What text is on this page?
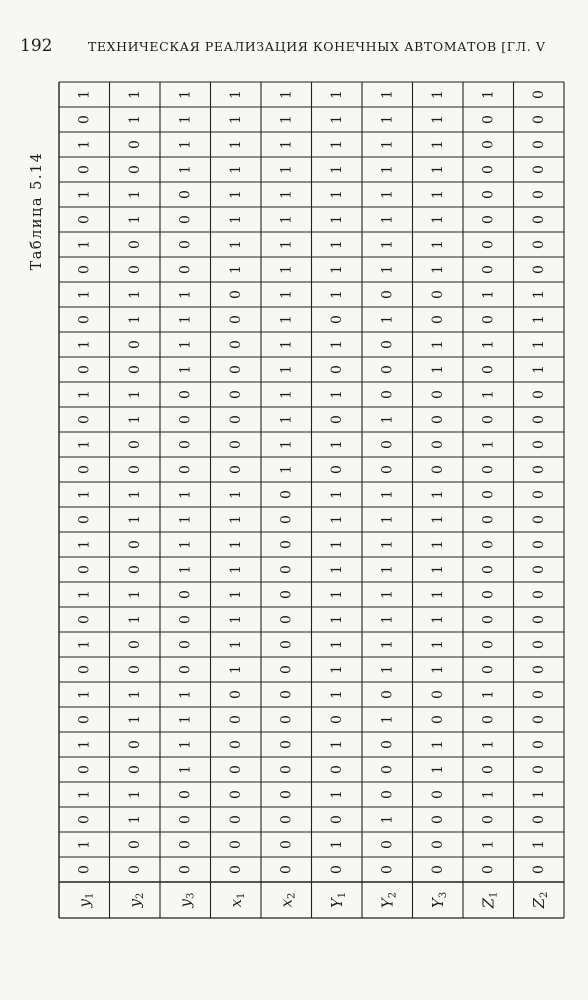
192	ТЕХНИЧЕСКАЯ РЕАЛИЗАЦИЯ КОНЕЧНЫХ АВТОМАТОВ [ГЛ. V
Таблица 5.14
$y_1$
0
1
0
1
0
1
0
1
0
1
0
1
0
1
0
1
0
1
0
1
0
1
0
1
0
1
0
1
0
1
0
1
$y_2$
0
0
1
1
0
0
1
1
0
0
1
1
0
0
1
1
0
0
1
1
0
0
1
1
0
0
1
1
0
0
1
1
$y_3$
0
0
0
0
1
1
1
1
0
0
0
0
1
1
1
1
0
0
0
0
1
1
1
1
0
0
0
0
1
1
1
1
$x_1$
0
0
0
0
0
0
0
0
1
1
1
1
1
1
1
1
0
0
0
0
0
0
0
0
1
1
1
1
1
1
1
1
$x_2$
0
0
0
0
0
0
0
0
0
0
0
0
0
0
0
0
1
1
1
1
1
1
1
1
1
1
1
1
1
1
1
1
$Y_1$
0
1
0
1
0
1
0
1
1
1
1
1
1
1
1
1
0
1
0
1
0
1
0
1
1
1
1
1
1
1
1
1
$Y_2$
0
0
1
0
0
0
1
0
1
1
1
1
1
1
1
1
0
0
1
0
0
0
1
0
1
1
1
1
1
1
1
1
$Y_3$
0
0
0
0
1
1
0
0
1
1
1
1
1
1
1
1
0
0
0
0
1
1
0
0
1
1
1
1
1
1
1
1
$Z_1$
0
1
0
1
0
1
0
1
0
0
0
0
0
0
0
0
0
1
0
1
0
1
0
1
0
0
0
0
0
0
0
1
$Z_2$
0
1
0
1
0
0
0
0
0
0
0
0
0
0
0
0
0
0
0
0
1
1
1
1
0
0
0
0
0
0
0
0
